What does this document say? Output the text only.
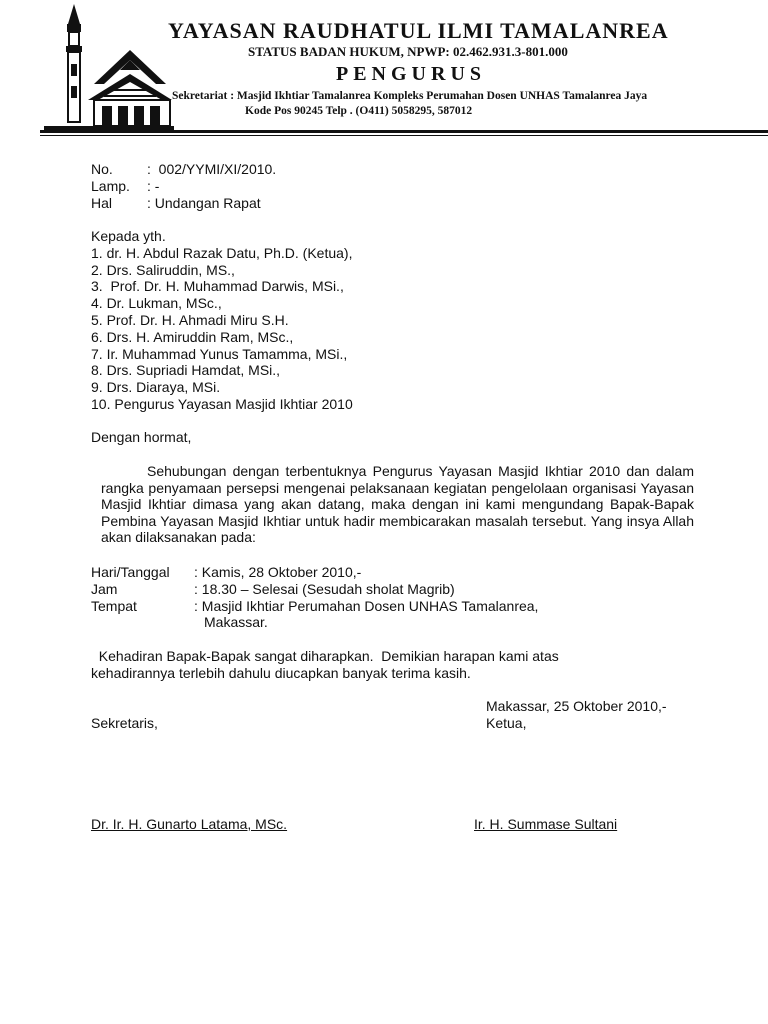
YAYASAN RAUDHATUL ILMI TAMALANREA
STATUS BADAN HUKUM, NPWP: 02.462.931.3-801.000
PENGURUS
Sekretariat : Masjid Ikhtiar Tamalanrea Kompleks Perumahan Dosen UNHAS Tamalanrea Jaya
Kode Pos 90245 Telp . (O411) 5058295, 587012
No. :  002/YYMI/XI/2010.
Lamp. : -
Hal : Undangan Rapat
Kepada yth.
1. dr. H. Abdul Razak Datu, Ph.D. (Ketua),
2. Drs. Saliruddin, MS.,
3.  Prof. Dr. H. Muhammad Darwis, MSi.,
4. Dr. Lukman, MSc.,
5. Prof. Dr. H. Ahmadi Miru S.H.
6. Drs. H. Amiruddin Ram, MSc.,
7. Ir. Muhammad Yunus Tamamma, MSi.,
8. Drs. Supriadi Hamdat, MSi.,
9. Drs. Diaraya, MSi.
10. Pengurus Yayasan Masjid Ikhtiar 2010
Dengan hormat,
Sehubungan dengan terbentuknya Pengurus Yayasan Masjid Ikhtiar 2010 dan dalam rangka penyamaan persepsi mengenai pelaksanaan kegiatan pengelolaan organisasi Yayasan Masjid Ikhtiar dimasa yang akan datang, maka dengan ini kami mengundang Bapak-Bapak Pembina Yayasan Masjid Ikhtiar untuk hadir membicarakan masalah tersebut. Yang insya Allah akan dilaksanakan pada:
Hari/Tanggal : Kamis, 28 Oktober 2010,-
Jam	: 18.30 – Selesai (Sesudah sholat Magrib)
Tempat	: Masjid Ikhtiar Perumahan Dosen UNHAS Tamalanrea,
Makassar.
Kehadiran Bapak-Bapak sangat diharapkan.  Demikian harapan kami atas
kehadirannya terlebih dahulu diucapkan banyak terima kasih.
Makassar, 25 Oktober 2010,-
Sekretaris,	Ketua,
Dr. Ir. H. Gunarto Latama, MSc.	Ir. H. Summase Sultani
